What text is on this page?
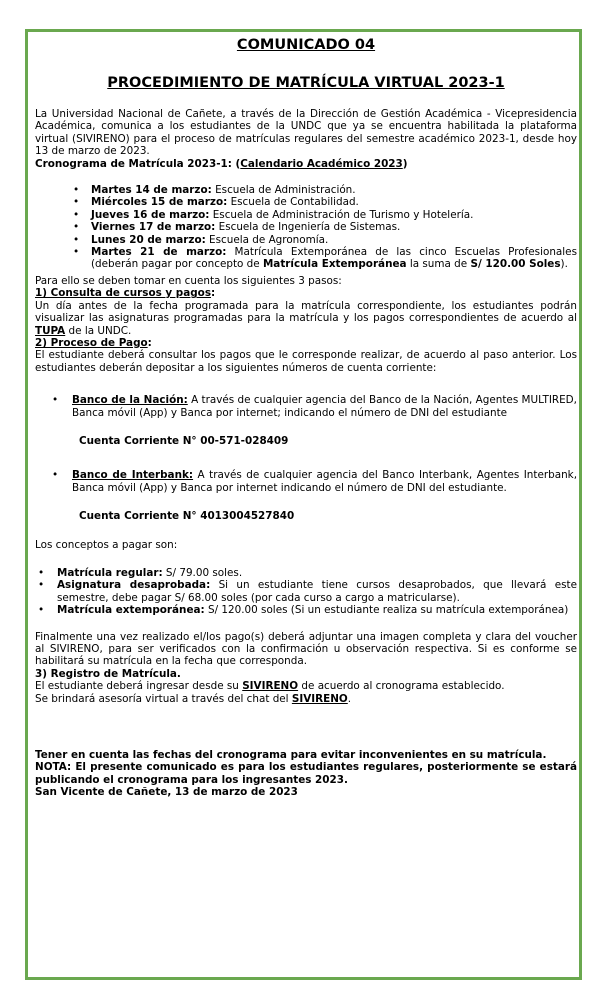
COMUNICADO 04
PROCEDIMIENTO DE MATRÍCULA VIRTUAL 2023-1

La Universidad Nacional de Cañete, a través de la Dirección de Gestión Académica - Vicepresidencia Académica, comunica a los estudiantes de la UNDC que ya se encuentra habilitada la plataforma virtual (SIVIRENO) para el proceso de matrículas regulares del semestre académico 2023-1, desde hoy 13 de marzo de 2023.

Cronograma de Matrícula 2023-1: (Calendario Académico 2023)

• Martes 14 de marzo: Escuela de Administración.
• Miércoles 15 de marzo: Escuela de Contabilidad.
• Jueves 16 de marzo: Escuela de Administración de Turismo y Hotelería.
• Viernes 17 de marzo: Escuela de Ingeniería de Sistemas.
• Lunes 20 de marzo: Escuela de Agronomía.
• Martes 21 de marzo: Matrícula Extemporánea de las cinco Escuelas Profesionales (deberán pagar por concepto de Matrícula Extemporánea la suma de S/ 120.00 Soles).

Para ello se deben tomar en cuenta los siguientes 3 pasos:

1) Consulta de cursos y pagos:

Un día antes de la fecha programada para la matrícula correspondiente, los estudiantes podrán visualizar las asignaturas programadas para la matrícula y los pagos correspondientes de acuerdo al TUPA de la UNDC.

2) Proceso de Pago:

El estudiante deberá consultar los pagos que le corresponde realizar, de acuerdo al paso anterior. Los estudiantes deberán depositar a los siguientes números de cuenta corriente:

• Banco de la Nación: A través de cualquier agencia del Banco de la Nación, Agentes MULTIRED, Banca móvil (App) y Banca por internet; indicando el número de DNI del estudiante

Cuenta Corriente N° 00-571-028409

• Banco de Interbank: A través de cualquier agencia del Banco Interbank, Agentes Interbank, Banca móvil (App) y Banca por internet indicando el número de DNI del estudiante.

Cuenta Corriente N° 4013004527840

Los conceptos a pagar son:

• Matrícula regular: S/ 79.00 soles.
• Asignatura desaprobada: Si un estudiante tiene cursos desaprobados, que llevará este semestre, debe pagar S/ 68.00 soles (por cada curso a cargo a matricularse).
• Matrícula extemporánea: S/ 120.00 soles (Si un estudiante realiza su matrícula extemporánea)

Finalmente una vez realizado el/los pago(s) deberá adjuntar una imagen completa y clara del voucher al SIVIRENO, para ser verificados con la confirmación u observación respectiva. Si es conforme se habilitará su matrícula en la fecha que corresponda.

3) Registro de Matrícula.

El estudiante deberá ingresar desde su SIVIRENO de acuerdo al cronograma establecido.

Se brindará asesoría virtual a través del chat del SIVIRENO.

Tener en cuenta las fechas del cronograma para evitar inconvenientes en su matrícula.

NOTA: El presente comunicado es para los estudiantes regulares, posteriormente se estará publicando el cronograma para los ingresantes 2023.

San Vicente de Cañete, 13 de marzo de 2023
